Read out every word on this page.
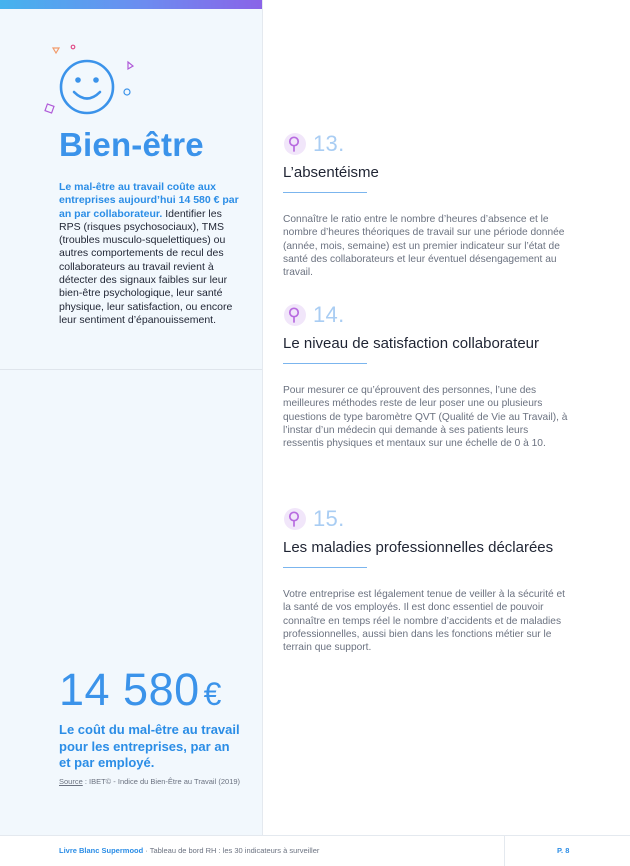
Bien-être
Le mal-être au travail coûte aux entreprises aujourd’hui 14 580 € par an par collaborateur. Identifier les RPS (risques psychosociaux), TMS (troubles musculo-squelettiques) ou autres comportements de recul des collaborateurs au travail revient à détecter des signaux faibles sur leur bien-être psychologique, leur santé physique, leur satisfaction, ou encore leur sentiment d’épanouissement.
14 580 €
Le coût du mal-être au travail pour les entreprises, par an et par employé.
Source : IBET© - Indice du Bien-Être au Travail (2019)
13.
L’absentéisme
Connaître le ratio entre le nombre d’heures d’absence et le nombre d’heures théoriques de travail sur une période donnée (année, mois, semaine) est un premier indicateur sur l’état de santé des collaborateurs et leur éventuel désengagement au travail.
14.
Le niveau de satisfaction collaborateur
Pour mesurer ce qu’éprouvent des personnes, l’une des meilleures méthodes reste de leur poser une ou plusieurs questions de type baromètre QVT (Qualité de Vie au Travail), à l’instar d’un médecin qui demande à ses patients leurs ressentis physiques et mentaux sur une échelle de 0 à 10.
15.
Les maladies professionnelles déclarées
Votre entreprise est légalement tenue de veiller à la sécurité et la santé de vos employés. Il est donc essentiel de pouvoir connaître en temps réel le nombre d’accidents et de maladies professionnelles, aussi bien dans les fonctions métier sur le terrain que support.
Livre Blanc Supermood · Tableau de bord RH : les 30 indicateurs à surveiller	P. 8
